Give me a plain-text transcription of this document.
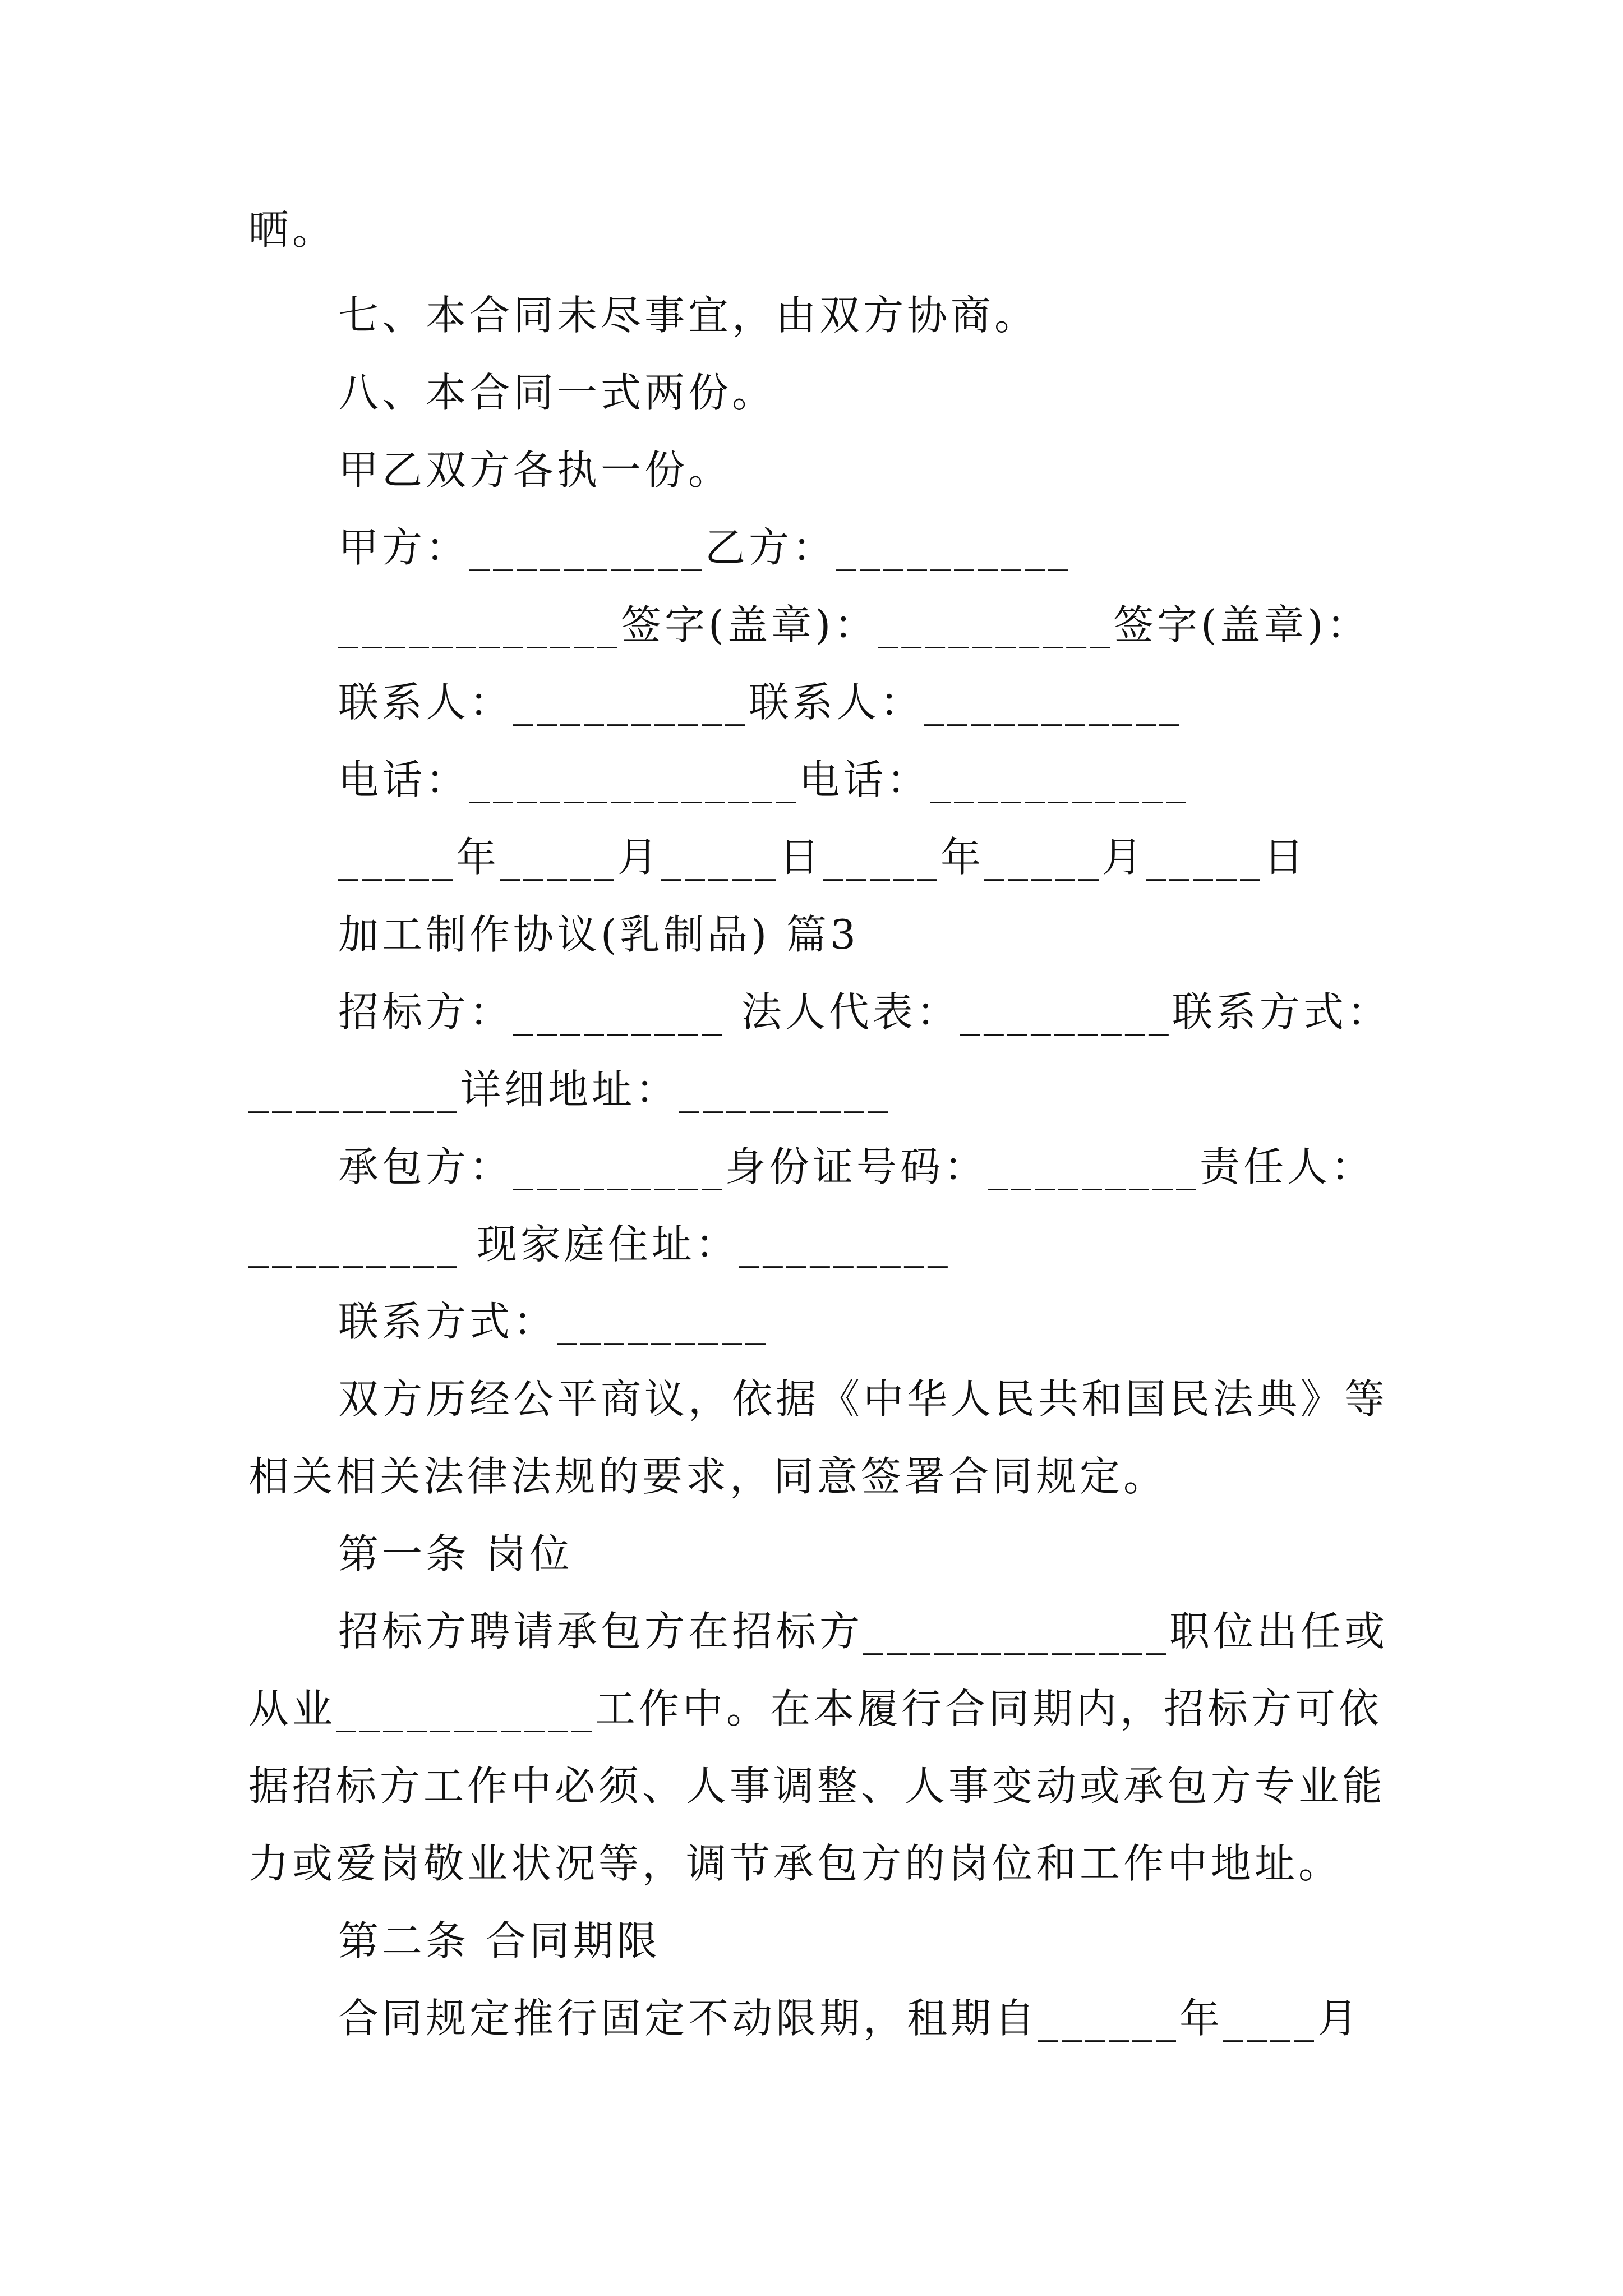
晒。
七、本合同未尽事宜，由双方协商。
八、本合同一式两份。
甲乙双方各执一份。
甲方：__________乙方：__________
____________签字(盖章)：__________签字(盖章)：
联系人：__________联系人：___________
电话：______________电话：___________
_____年_____月_____日_____年_____月_____日
加工制作协议(乳制品) 篇3
招标方：_________ 法人代表：_________联系方式：
_________详细地址：_________
承包方：_________身份证号码：_________责任人：
_________ 现家庭住址：_________
联系方式：_________
双方历经公平商议，依据《中华人民共和国民法典》等
相关相关法律法规的要求，同意签署合同规定。
第一条 岗位
招标方聘请承包方在招标方_____________职位出任或
从业___________工作中。在本履行合同期内，招标方可依
据招标方工作中必须、人事调整、人事变动或承包方专业能
力或爱岗敬业状况等，调节承包方的岗位和工作中地址。
第二条 合同期限
合同规定推行固定不动限期，租期自______年____月
